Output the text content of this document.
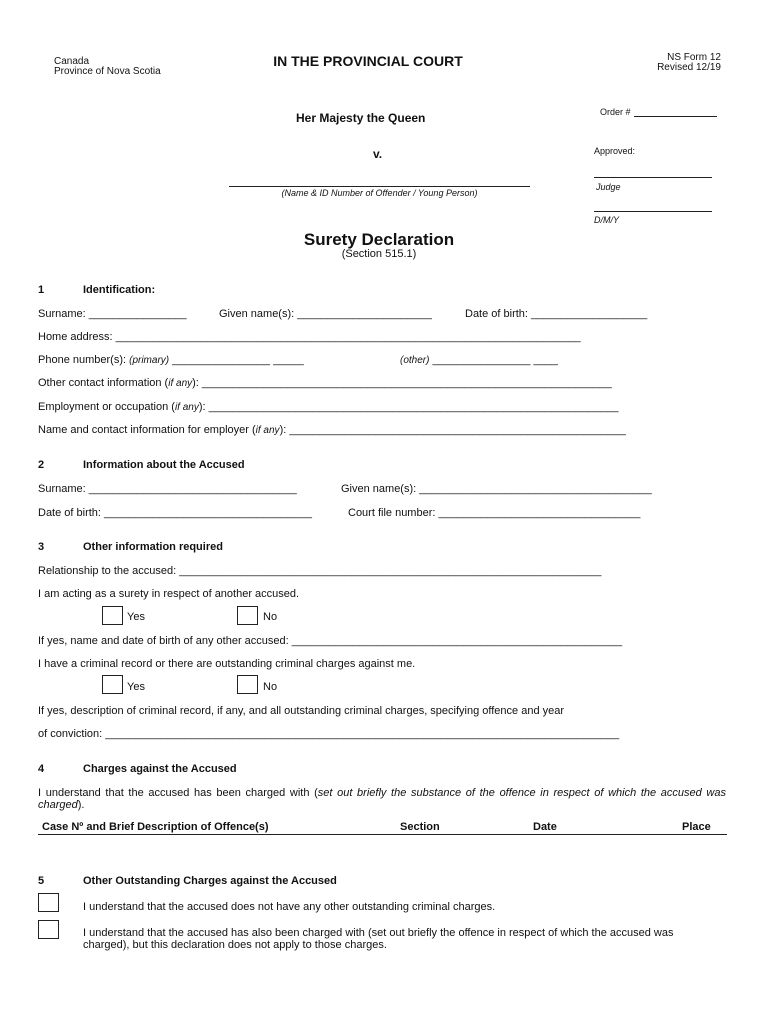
Canada
Province of Nova Scotia
IN THE PROVINCIAL COURT	NS Form 12
Revised 12/19
Her Majesty the Queen
v.
(Name & ID Number of Offender / Young Person)
Order #
Approved:
Judge
D/M/Y
Surety Declaration
(Section 515.1)
1	Identification:
Surname: ________________	Given name(s): ______________________	Date of birth: ___________________
Home address: ____________________________________________________________________________
Phone number(s): (primary) ________________ _____	(other) ________________ ____
Other contact information (if any): ___________________________________________________________________
Employment or occupation (if any): ___________________________________________________________________
Name and contact information for employer (if any): _______________________________________________________
2	Information about the Accused
Surname: __________________________________	Given name(s): ______________________________________
Date of birth: __________________________________	Court file number: _________________________________
3	Other information required
Relationship to the accused: _____________________________________________________________________
I am acting as a surety in respect of another accused.
Yes	No
If yes, name and date of birth of any other accused: ______________________________________________________
I have a criminal record or there are outstanding criminal charges against me.
Yes	No
If yes, description of criminal record, if any, and all outstanding criminal charges, specifying offence and year
of conviction: ____________________________________________________________________________________
4	Charges against the Accused
I understand that the accused has been charged with (set out briefly the substance of the offence in respect of which the accused was charged).
Case Nº and Brief Description of Offence(s)	Section	Date	Place
5	Other Outstanding Charges against the Accused
I understand that the accused does not have any other outstanding criminal charges.
I understand that the accused has also been charged with (set out briefly the offence in respect of which the accused was charged), but this declaration does not apply to those charges.
